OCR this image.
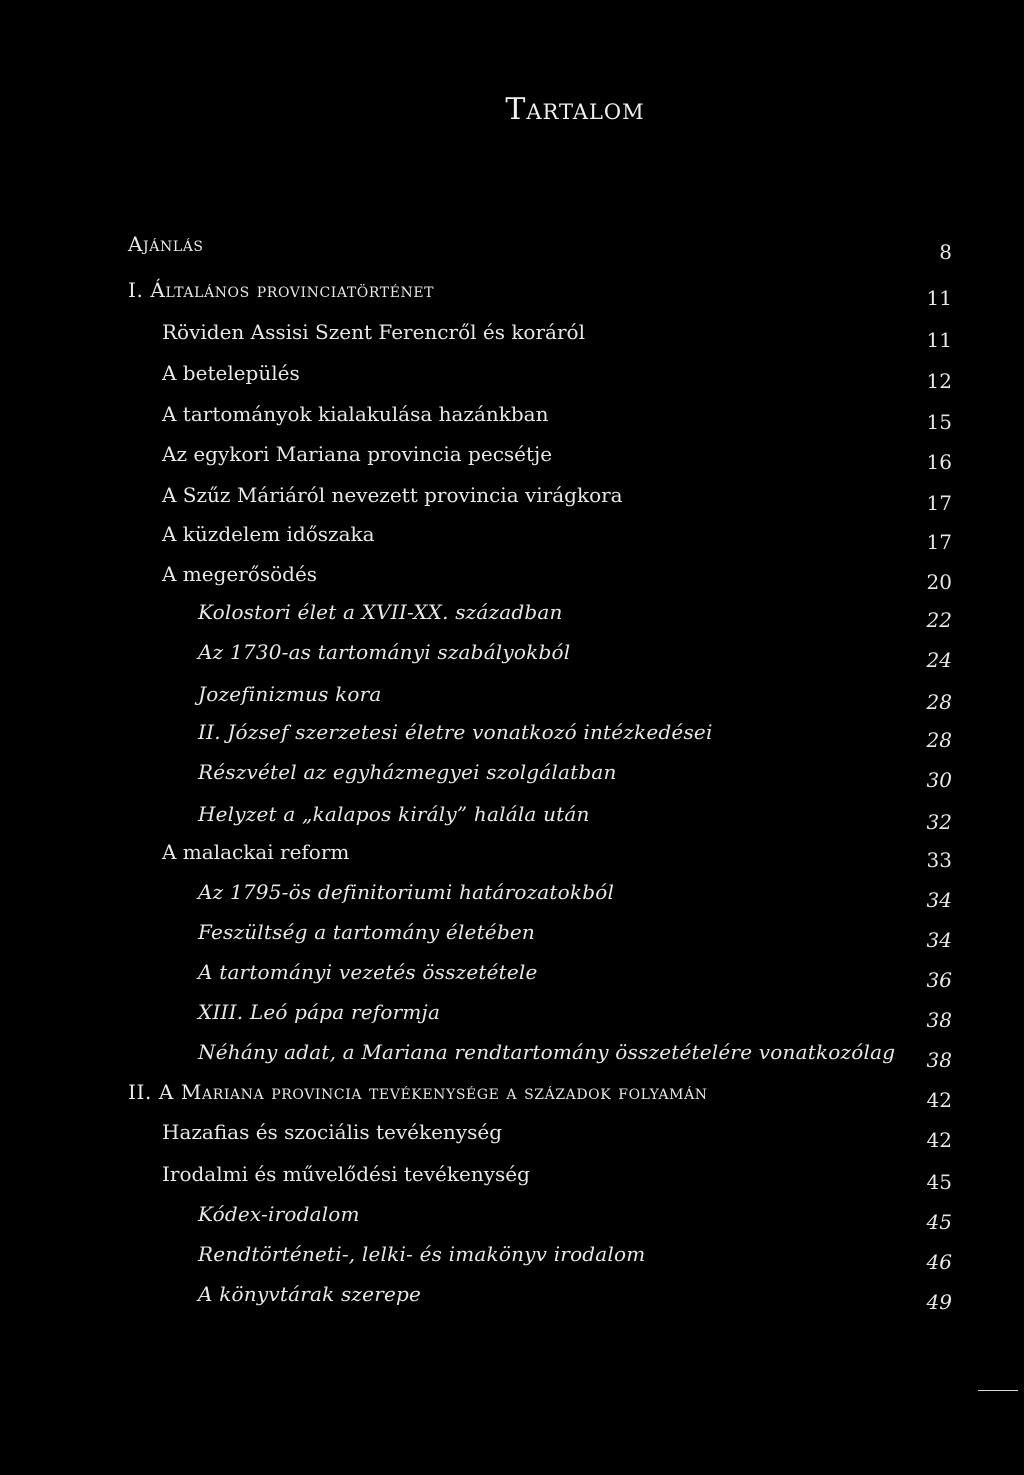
Tartalom
Ajánlás	8
I. Általános provinciatörténet	11
Röviden Assisi Szent Ferencről és koráról	11
A betelepülés	12
A tartományok kialakulása hazánkban	15
Az egykori Mariana provincia pecsétje	16
A Szűz Máriáról nevezett provincia virágkora	17
A küzdelem időszaka	17
A megerősödés	20
Kolostori élet a XVII-XX. században	22
Az 1730-as tartományi szabályokból	24
Jozefinizmus kora	28
II. József szerzetesi életre vonatkozó intézkedései	28
Részvétel az egyházmegyei szolgálatban	30
Helyzet a „kalapos király” halála után	32
A malackai reform	33
Az 1795-ös definitoriumi határozatokból	34
Feszültség a tartomány életében	34
A tartományi vezetés összetétele	36
XIII. Leó pápa reformja	38
Néhány adat, a Mariana rendtartomány összetételére vonatkozólag 38
II. A Mariana provincia tevékenysége a századok folyamán	42
Hazafias és szociális tevékenység	42
Irodalmi és művelődési tevékenység	45
Kódex-irodalom	45
Rendtörténeti-, lelki- és imakönyv irodalom	46
A könyvtárak szerepe	49
